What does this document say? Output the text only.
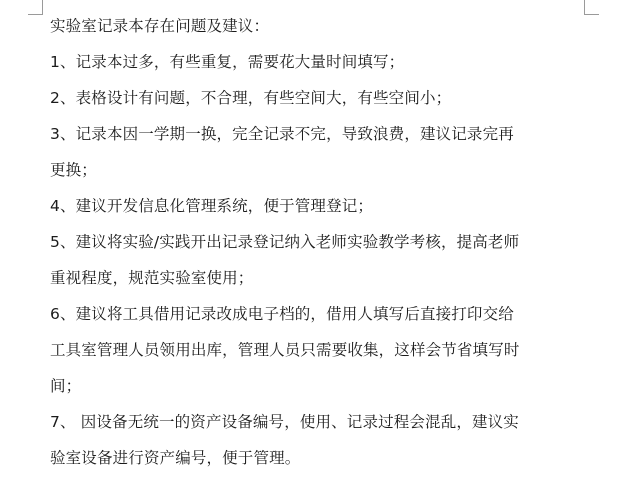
实验室记录本存在问题及建议：

1、记录本过多，有些重复，需要花大量时间填写；

2、表格设计有问题，不合理，有些空间大，有些空间小；

3、记录本因一学期一换，完全记录不完，导致浪费，建议记录完再

更换；

4、建议开发信息化管理系统，便于管理登记；

5、建议将实验/实践开出记录登记纳入老师实验教学考核，提高老师

重视程度，规范实验室使用；

6、建议将工具借用记录改成电子档的，借用人填写后直接打印交给

工具室管理人员领用出库，管理人员只需要收集，这样会节省填写时

间；

7、 因设备无统一的资产设备编号，使用、记录过程会混乱，建议实

验室设备进行资产编号，便于管理。
